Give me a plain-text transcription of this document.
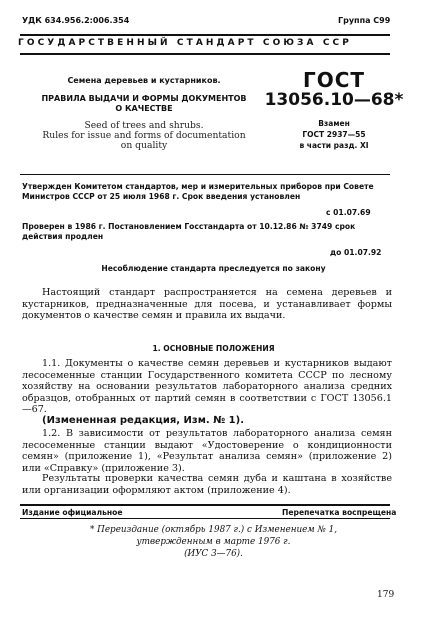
УДК 634.956.2:006.354	Группа С99
ГОСУДАРСТВЕННЫЙ СТАНДАРТ СОЮЗА ССР
Семена деревьев и кустарников.
ПРАВИЛА ВЫДАЧИ И ФОРМЫ ДОКУМЕНТОВ
О КАЧЕСТВЕ
Seed of trees and shrubs.
Rules for issue and forms of documentation
on quality
ГОСТ
13056.10—68*
Взамен
ГОСТ 2937—55
в части разд. XI
Утвержден Комитетом стандартов, мер и измерительных приборов при Совете Министров СССР от 25 июля 1968 г. Срок введения установлен
с 01.07.69
Проверен в 1986 г. Постановлением Госстандарта от 10.12.86 № 3749 срок действия продлен
до 01.07.92
Несоблюдение стандарта преследуется по закону
Настоящий стандарт распространяется на семена деревьев и кустарников, предназначенные для посева, и устанавливает формы документов о качестве семян и правила их выдачи.
1. ОСНОВНЫЕ ПОЛОЖЕНИЯ
1.1. Документы о качестве семян деревьев и кустарников выдают лесосеменные станции Государственного комитета СССР по лесному хозяйству на основании результатов лабораторного анализа средних образцов, отобранных от партий семян в соответствии с ГОСТ 13056.1—67.
(Измененная редакция, Изм. № 1).
1.2. В зависимости от результатов лабораторного анализа семян лесосеменные станции выдают «Удостоверение о кондиционности семян» (приложение 1), «Результат анализа семян» (приложение 2) или «Справку» (приложение 3).
Результаты проверки качества семян дуба и каштана в хозяйстве или организации оформляют актом (приложение 4).
Издание официальное	Перепечатка воспрещена
* Переиздание (октябрь 1987 г.) с Изменением № 1,
утвержденным в марте 1976 г.
(ИУС 3—76).
179
